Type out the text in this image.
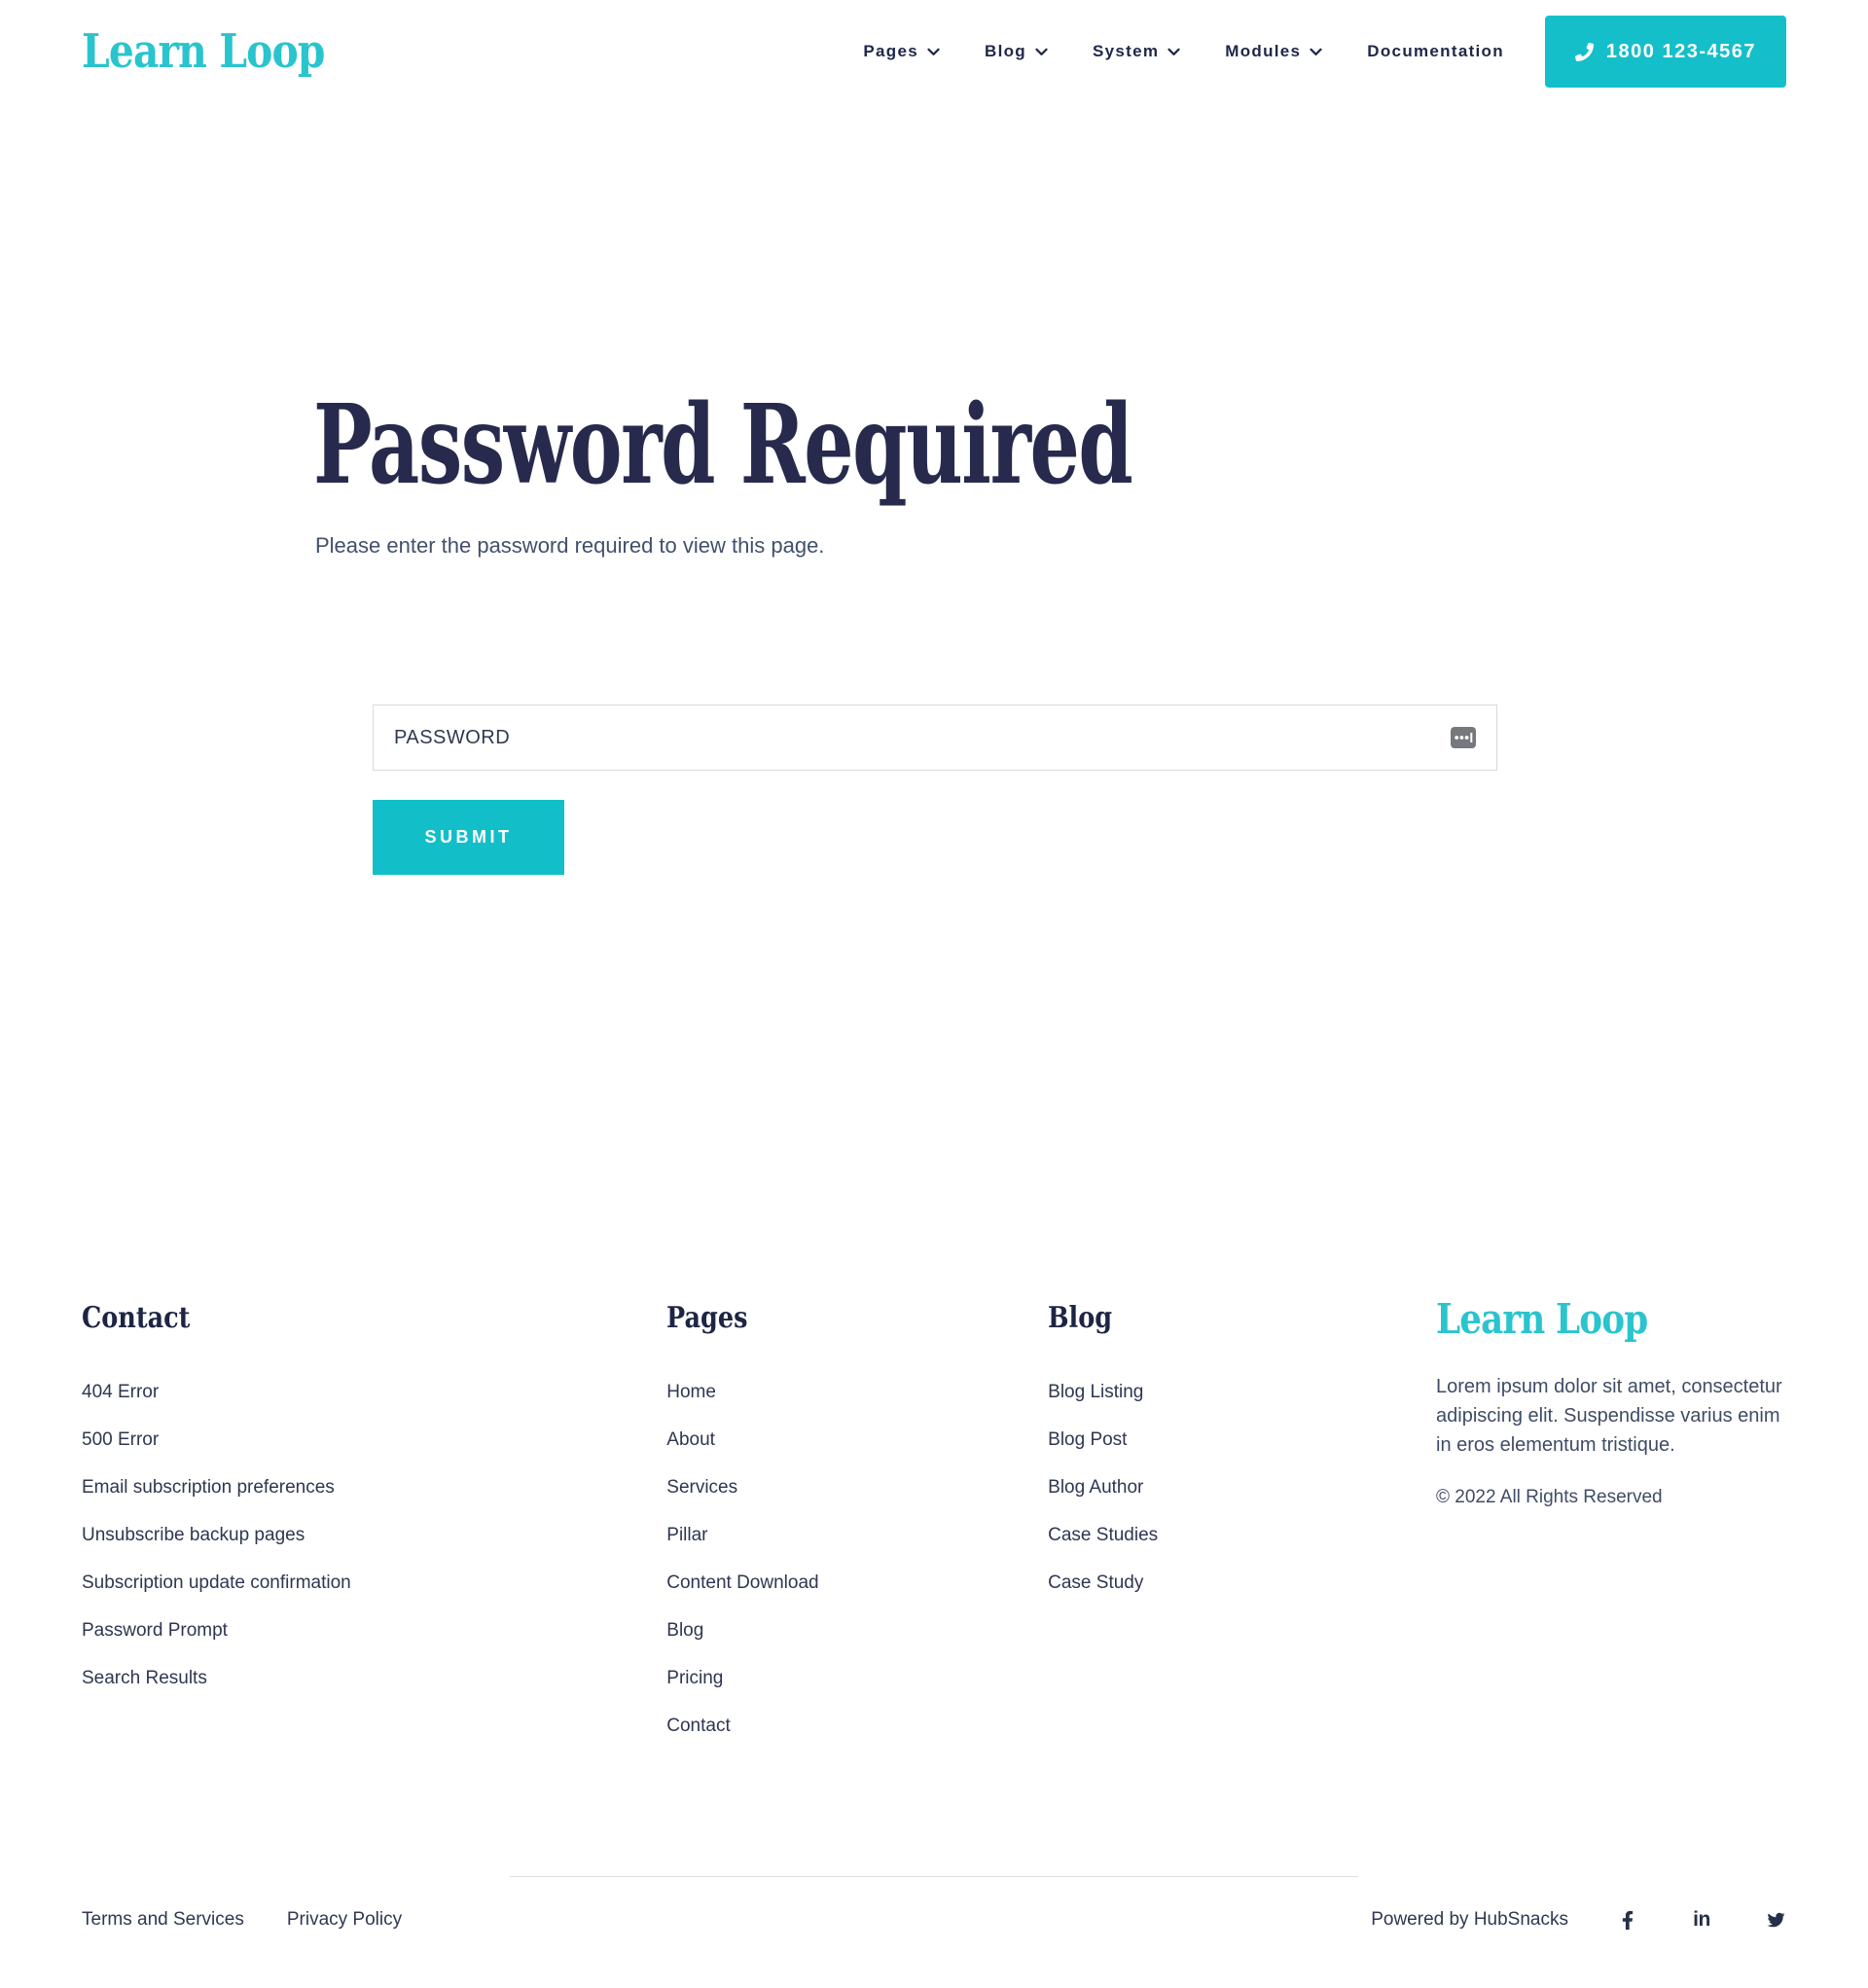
Learn Loop	Pages	Blog	System	Modules	Documentation	1800 123-4567
Password Required

Please enter the password required to view this page.

PASSWORD
SUBMIT
Contact
404 Error
500 Error
Email subscription preferences
Unsubscribe backup pages
Subscription update confirmation
Password Prompt
Search Results
Pages
Home
About
Services
Pillar
Content Download
Blog
Pricing
Contact
Blog
Blog Listing
Blog Post
Blog Author
Case Studies
Case Study
Learn Loop

Lorem ipsum dolor sit amet, consectetur adipiscing elit. Suspendisse varius enim in eros elementum tristique.

© 2022 All Rights Reserved

Terms and Services Privacy Policy	Powered by HubSnacks	in
